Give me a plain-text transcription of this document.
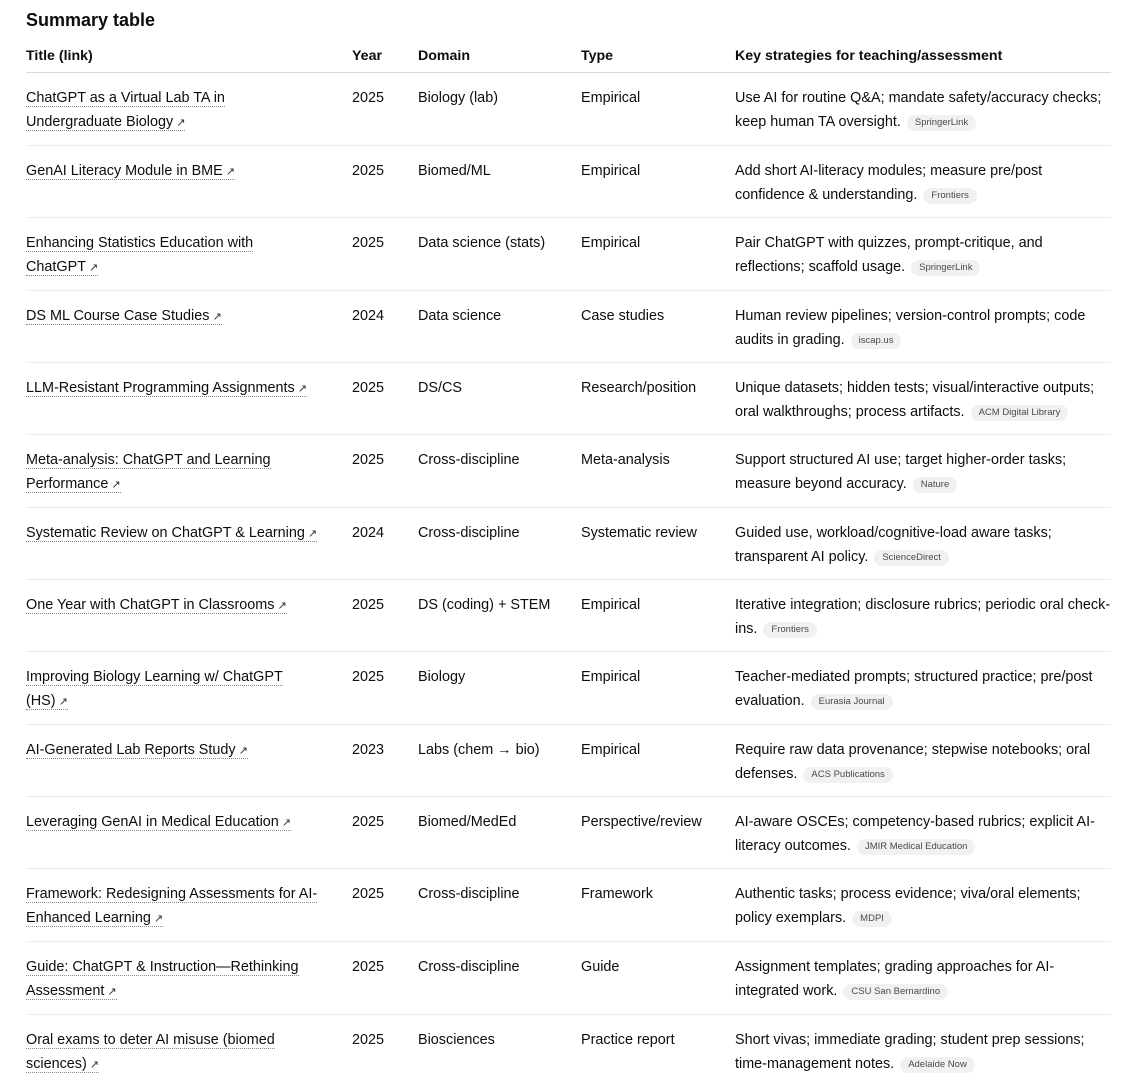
Summary table
Title (link)	Year	Domain	Type	Key strategies for teaching/assessment
ChatGPT as a Virtual Lab TA in Undergraduate Biology ↗	2025	Biology (lab)	Empirical	Use AI for routine Q&A; mandate safety/accuracy checks; keep human TA oversight. SpringerLink
GenAI Literacy Module in BME ↗	2025	Biomed/ML	Empirical	Add short AI-literacy modules; measure pre/post confidence & understanding. Frontiers
Enhancing Statistics Education with ChatGPT ↗	2025	Data science (stats)	Empirical	Pair ChatGPT with quizzes, prompt-critique, and reflections; scaffold usage. SpringerLink
DS ML Course Case Studies ↗	2024	Data science	Case studies	Human review pipelines; version-control prompts; code audits in grading. iscap.us
LLM-Resistant Programming Assignments ↗	2025	DS/CS	Research/position	Unique datasets; hidden tests; visual/interactive outputs; oral walkthroughs; process artifacts. ACM Digital Library
Meta-analysis: ChatGPT and Learning Performance ↗	2025	Cross-discipline	Meta-analysis	Support structured AI use; target higher-order tasks; measure beyond accuracy. Nature
Systematic Review on ChatGPT & Learning ↗	2024	Cross-discipline	Systematic review	Guided use, workload/cognitive-load aware tasks; transparent AI policy. ScienceDirect
One Year with ChatGPT in Classrooms ↗	2025	DS (coding) + STEM	Empirical	Iterative integration; disclosure rubrics; periodic oral check-ins. Frontiers
Improving Biology Learning w/ ChatGPT (HS) ↗	2025	Biology	Empirical	Teacher-mediated prompts; structured practice; pre/post evaluation. Eurasia Journal
AI-Generated Lab Reports Study ↗	2023	Labs (chem → bio)	Empirical	Require raw data provenance; stepwise notebooks; oral defenses. ACS Publications
Leveraging GenAI in Medical Education ↗	2025	Biomed/MedEd	Perspective/review	AI-aware OSCEs; competency-based rubrics; explicit AI-literacy outcomes. JMIR Medical Education
Framework: Redesigning Assessments for AI-Enhanced Learning ↗	2025	Cross-discipline	Framework	Authentic tasks; process evidence; viva/oral elements; policy exemplars. MDPI
Guide: ChatGPT & Instruction—Rethinking Assessment ↗	2025	Cross-discipline	Guide	Assignment templates; grading approaches for AI-integrated work. CSU San Bernardino
Oral exams to deter AI misuse (biomed sciences) ↗	2025	Biosciences	Practice report	Short vivas; immediate grading; student prep sessions; time-management notes. Adelaide Now
